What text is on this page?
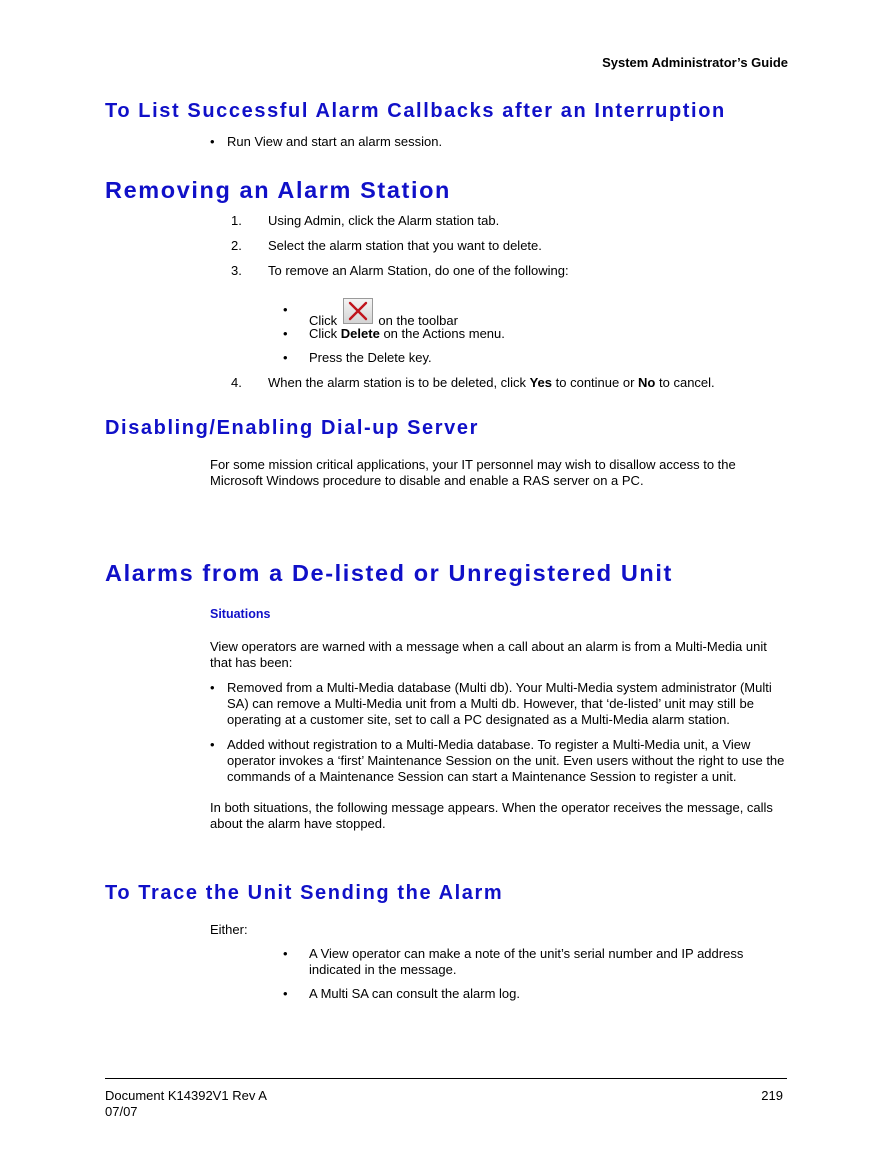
System Administrator’s Guide
To List Successful Alarm Callbacks after an Interruption
• Run View and start an alarm session.
Removing an Alarm Station
1. Using Admin, click the Alarm station tab.
2. Select the alarm station that you want to delete.
3. To remove an Alarm Station, do one of the following:
•
Click	on the toolbar
• Click Delete on the Actions menu.
• Press the Delete key.
4. When the alarm station is to be deleted, click Yes to continue or No to cancel.
Disabling/Enabling Dial-up Server
For some mission critical applications, your IT personnel may wish to disallow access to the Microsoft Windows procedure to disable and enable a RAS server on a PC.
Alarms from a De-listed or Unregistered Unit
Situations
View operators are warned with a message when a call about an alarm is from a Multi-Media unit that has been:
• Removed from a Multi-Media database (Multi db). Your Multi-Media system administrator (Multi SA) can remove a Multi-Media unit from a Multi db. However, that ‘de-listed’ unit may still be operating at a customer site, set to call a PC designated as a Multi-Media alarm station.
• Added without registration to a Multi-Media database. To register a Multi-Media unit, a View operator invokes a ‘first’ Maintenance Session on the unit. Even users without the right to use the commands of a Maintenance Session can start a Maintenance Session to register a unit.
In both situations, the following message appears. When the operator receives the message, calls about the alarm have stopped.
To Trace the Unit Sending the Alarm
Either:
• A View operator can make a note of the unit’s serial number and IP address indicated in the message.
• A Multi SA can consult the alarm log.
Document K14392V1 Rev A
07/07
219
